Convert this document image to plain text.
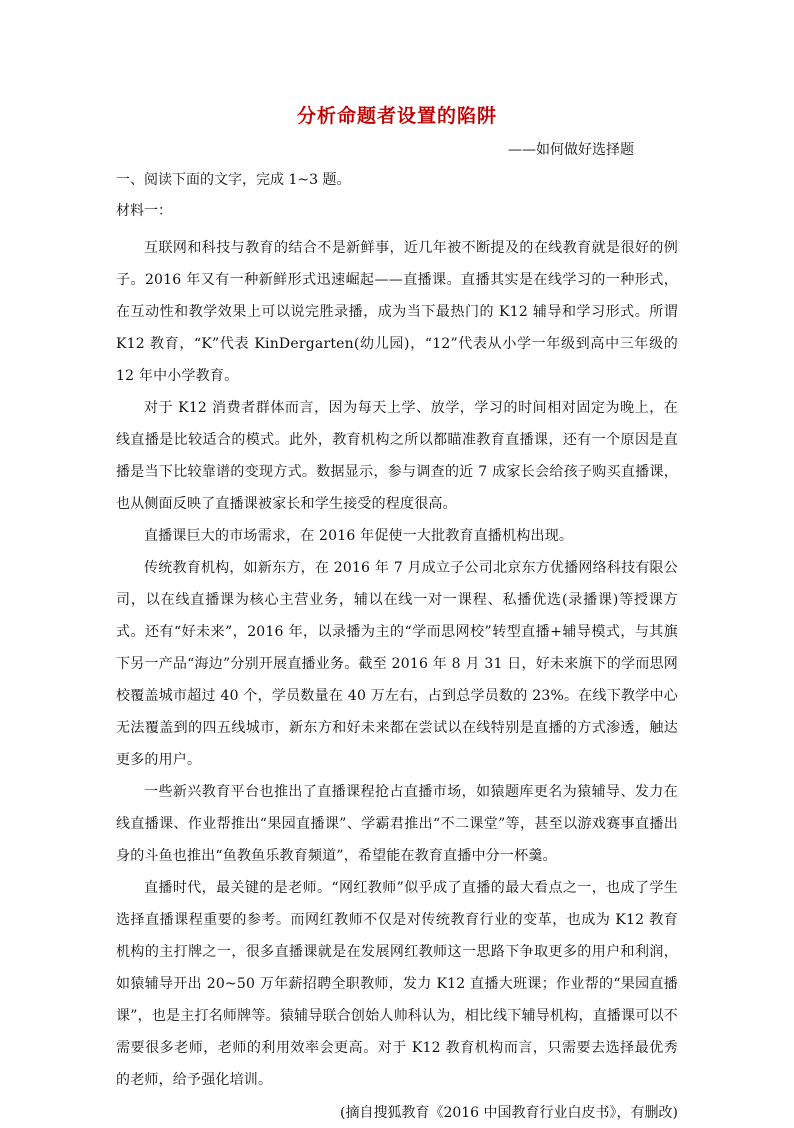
分析命题者设置的陷阱
——如何做好选择题
一、阅读下面的文字，完成 1~3 题。
材料一：

互联网和科技与教育的结合不是新鲜事，近几年被不断提及的在线教育就是很好的例子。2016 年又有一种新鲜形式迅速崛起——直播课。直播其实是在线学习的一种形式，在互动性和教学效果上可以说完胜录播，成为当下最热门的 K12 辅导和学习形式。所谓 K12 教育，“K”代表 KinDergarten(幼儿园)，“12”代表从小学一年级到高中三年级的 12 年中小学教育。

对于 K12 消费者群体而言，因为每天上学、放学，学习的时间相对固定为晚上，在线直播是比较适合的模式。此外，教育机构之所以都瞄准教育直播课，还有一个原因是直播是当下比较靠谱的变现方式。数据显示，参与调查的近 7 成家长会给孩子购买直播课，也从侧面反映了直播课被家长和学生接受的程度很高。

直播课巨大的市场需求，在 2016 年促使一大批教育直播机构出现。

传统教育机构，如新东方，在 2016 年 7 月成立子公司北京东方优播网络科技有限公司，以在线直播课为核心主营业务，辅以在线一对一课程、私播优选(录播课)等授课方式。还有“好未来”，2016 年，以录播为主的“学而思网校”转型直播+辅导模式，与其旗下另一产品“海边”分别开展直播业务。截至 2016 年 8 月 31 日，好未来旗下的学而思网校覆盖城市超过 40 个，学员数量在 40 万左右，占到总学员数的 23%。在线下教学中心无法覆盖到的四五线城市，新东方和好未来都在尝试以在线特别是直播的方式渗透，触达更多的用户。

一些新兴教育平台也推出了直播课程抢占直播市场，如猿题库更名为猿辅导、发力在线直播课、作业帮推出“果园直播课”、学霸君推出“不二课堂”等，甚至以游戏赛事直播出身的斗鱼也推出“鱼教鱼乐教育频道”，希望能在教育直播中分一杯羹。

直播时代，最关键的是老师。“网红教师”似乎成了直播的最大看点之一，也成了学生选择直播课程重要的参考。而网红教师不仅是对传统教育行业的变革，也成为 K12 教育机构的主打牌之一，很多直播课就是在发展网红教师这一思路下争取更多的用户和利润，如猿辅导开出 20~50 万年薪招聘全职教师，发力 K12 直播大班课；作业帮的“果园直播课”，也是主打名师牌等。猿辅导联合创始人帅科认为，相比线下辅导机构，直播课可以不需要很多老师，老师的利用效率会更高。对于 K12 教育机构而言，只需要去选择最优秀的老师，给予强化培训。

(摘自搜狐教育《2016 中国教育行业白皮书》，有删改)
